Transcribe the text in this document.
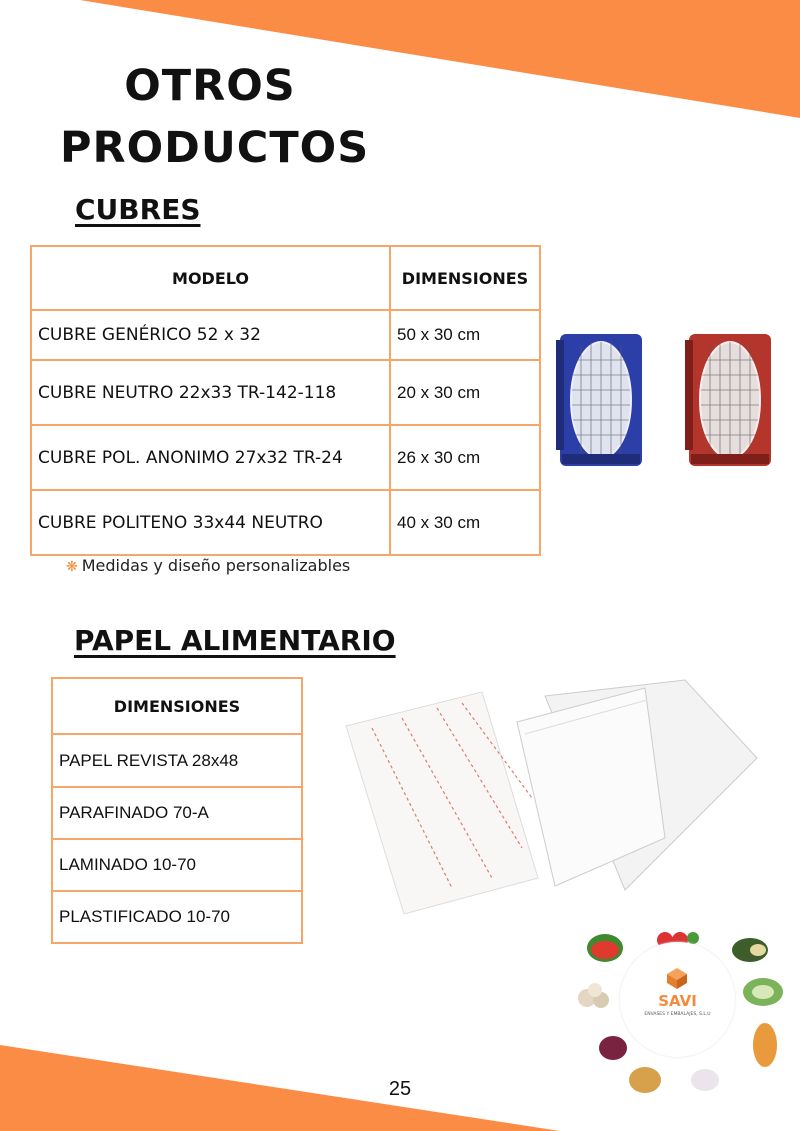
OTROS
PRODUCTOS
CUBRES
MODELO	DIMENSIONES
CUBRE GENÉRICO 52 x 32	50 x 30 cm
CUBRE NEUTRO 22x33 TR-142-118	20 x 30 cm
CUBRE POL. ANONIMO 27x32 TR-24	26 x 30 cm
CUBRE POLITENO 33x44 NEUTRO	40 x 30 cm
❋ Medidas y diseño personalizables
PAPEL ALIMENTARIO
DIMENSIONES
PAPEL REVISTA 28x48
PARAFINADO 70-A
LAMINADO 10-70
PLASTIFICADO 10-70
SAVI
ENVASES Y EMBALAJES, S.L.U
25
